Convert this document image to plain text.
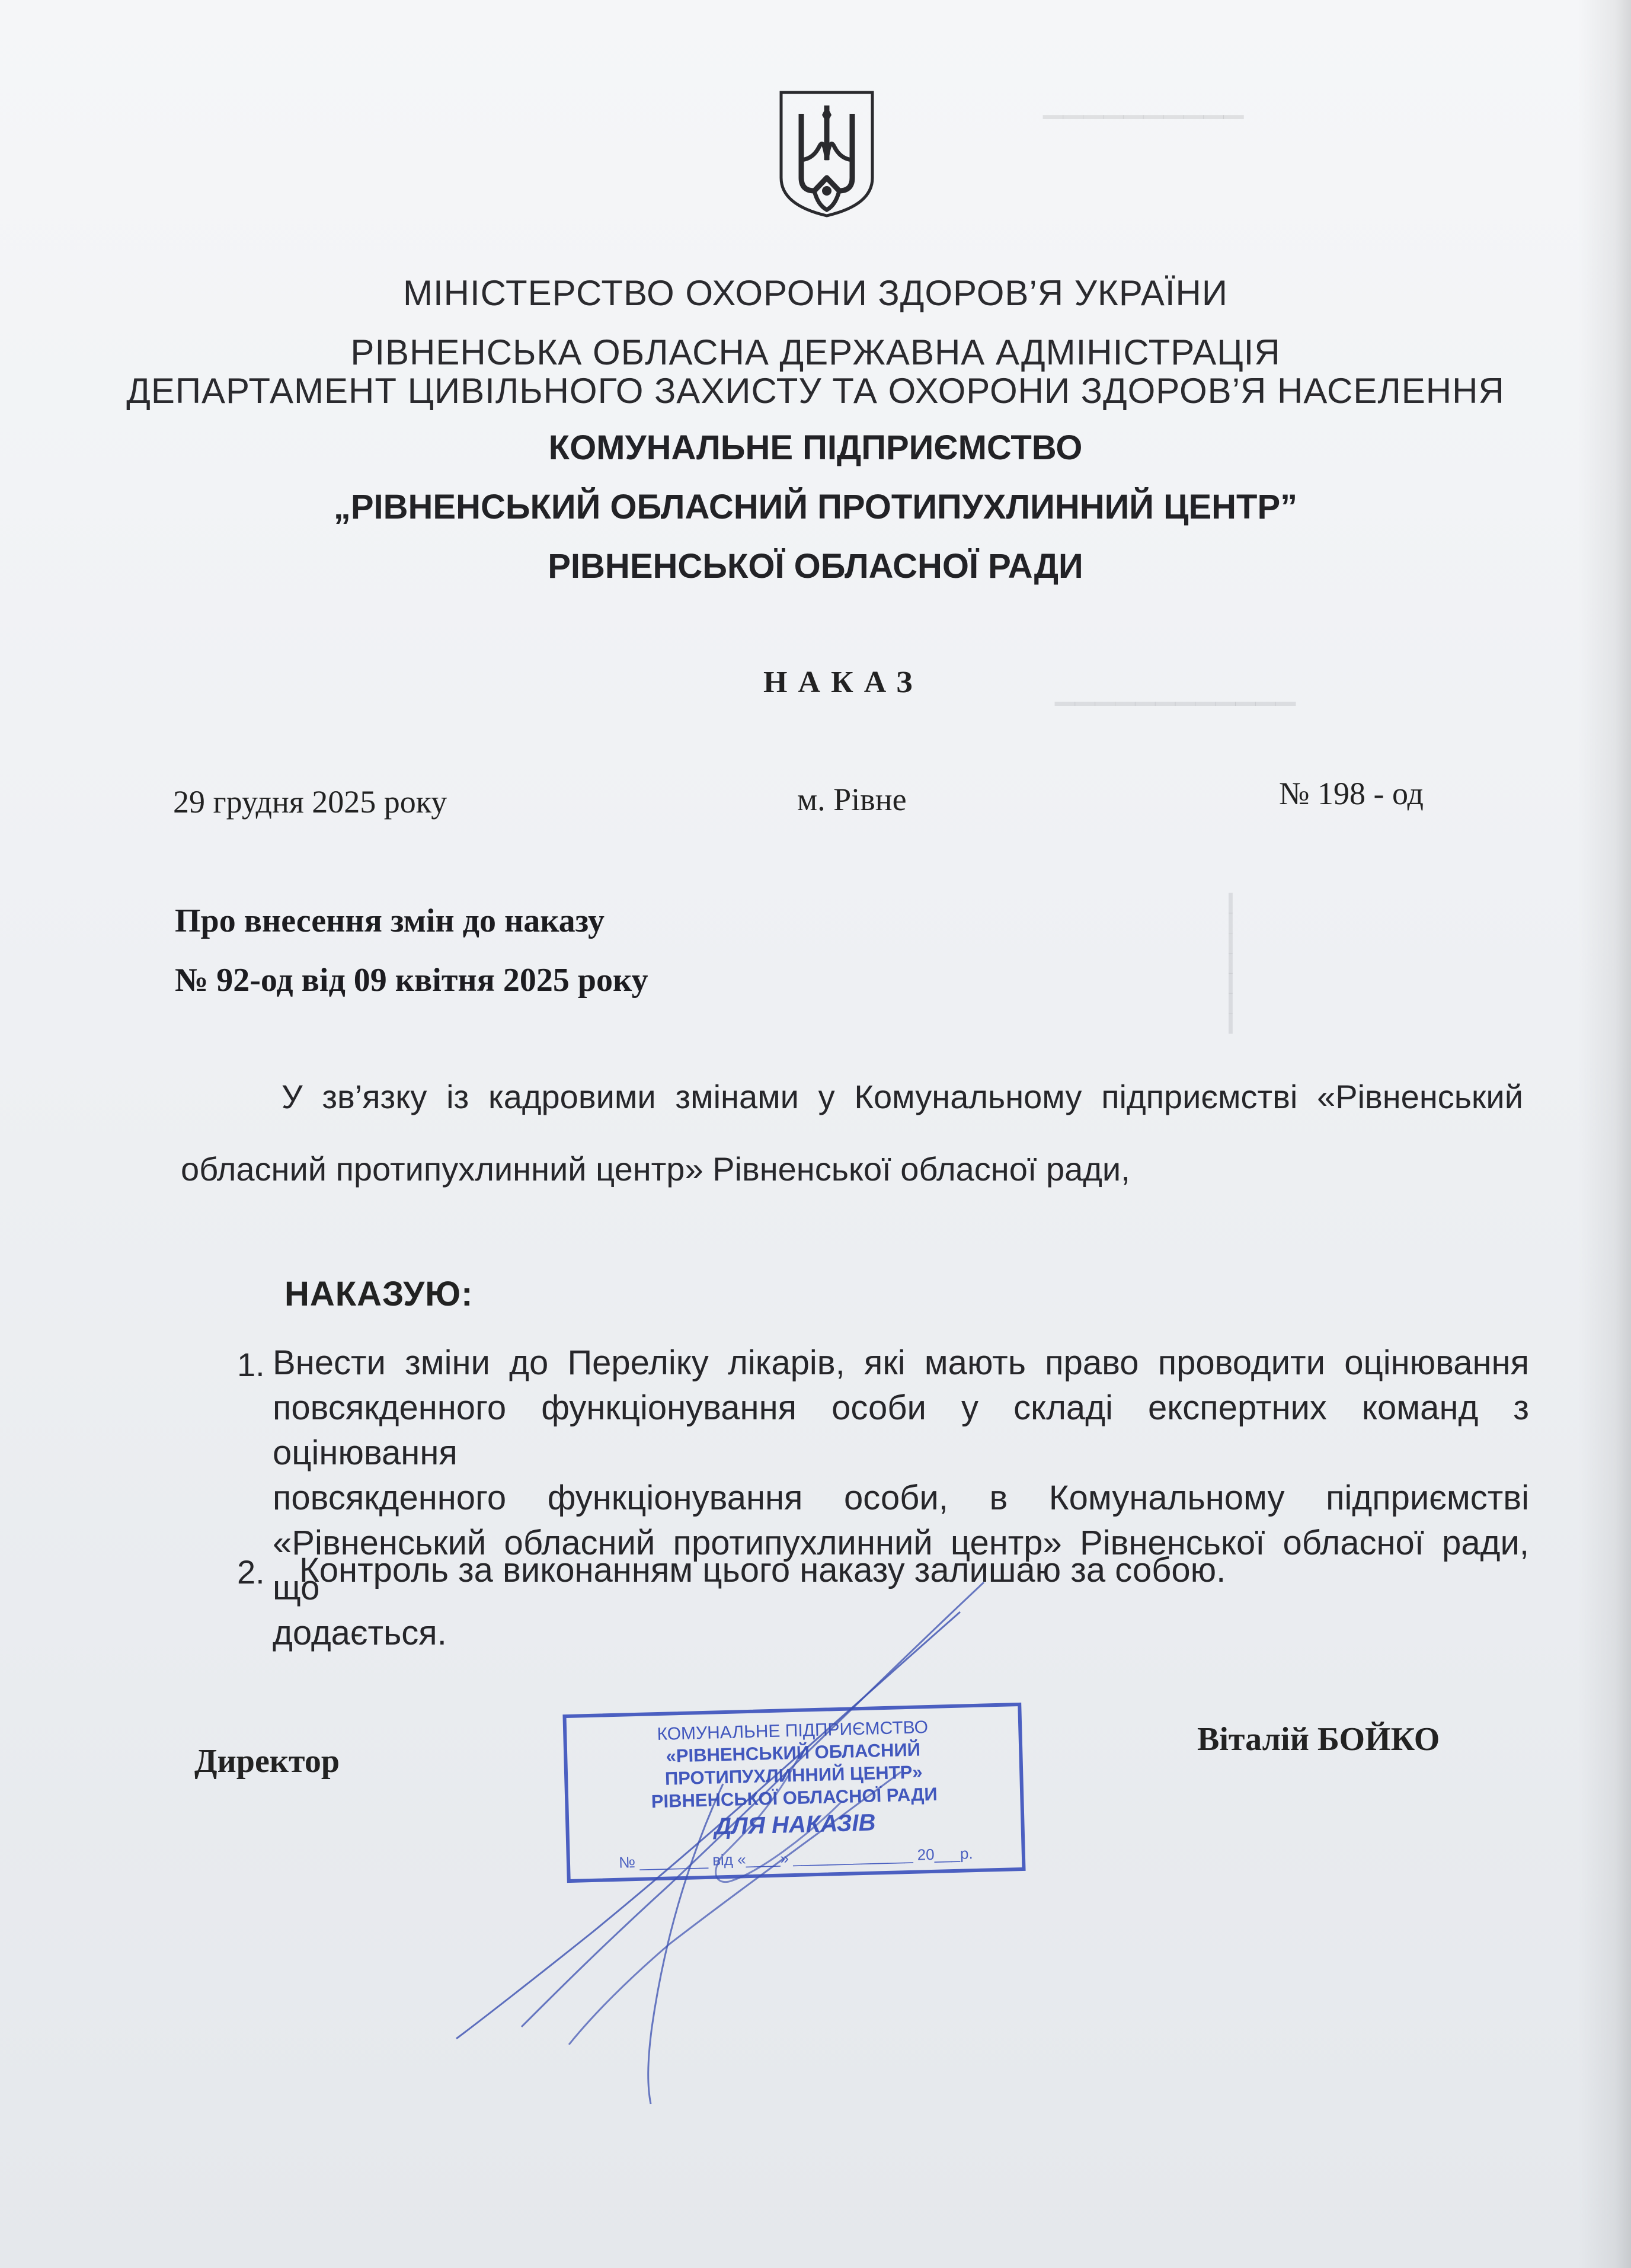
▁▁▁▁▁▁▁▁▁▁
▁▁▁▁▁▁▁▁▁▁▁▁
▁▁▁▁▁▁▁
МІНІСТЕРСТВО ОХОРОНИ ЗДОРОВ’Я УКРАЇНИ
РІВНЕНСЬКА ОБЛАСНА ДЕРЖАВНА АДМІНІСТРАЦІЯ
ДЕПАРТАМЕНТ ЦИВІЛЬНОГО ЗАХИСТУ ТА ОХОРОНИ ЗДОРОВ’Я НАСЕЛЕННЯ
КОМУНАЛЬНЕ ПІДПРИЄМСТВО
„РІВНЕНСЬКИЙ ОБЛАСНИЙ ПРОТИПУХЛИННИЙ ЦЕНТР”
РІВНЕНСЬКОЇ ОБЛАСНОЇ РАДИ
НАКАЗ
29 грудня 2025 року	м. Рівне	№ 198 - од
Про внесення змін до наказу
№ 92-од від 09 квітня 2025 року
У зв’язку із кадровими змінами у Комунальному підприємстві «Рівненський
обласний протипухлинний центр» Рівненської обласної ради,
НАКАЗУЮ:
1. Внести зміни до Переліку лікарів, які мають право проводити оцінювання
повсякденного функціонування особи у складі експертних команд з оцінювання
повсякденного функціонування особи, в Комунальному підприємстві
«Рівненський обласний протипухлинний центр» Рівненської обласної ради, що
додається.
2. Контроль за виконанням цього наказу залишаю за собою.
Директор
Віталій БОЙКО
КОМУНАЛЬНЕ ПІДПРИЄМСТВО
«РІВНЕНСЬКИЙ ОБЛАСНИЙ
ПРОТИПУХЛИННИЙ ЦЕНТР»
РІВНЕНСЬКОЇ ОБЛАСНОЇ РАДИ
ДЛЯ НАКАЗІВ
№ ________ від «____» ______________ 20___р.
